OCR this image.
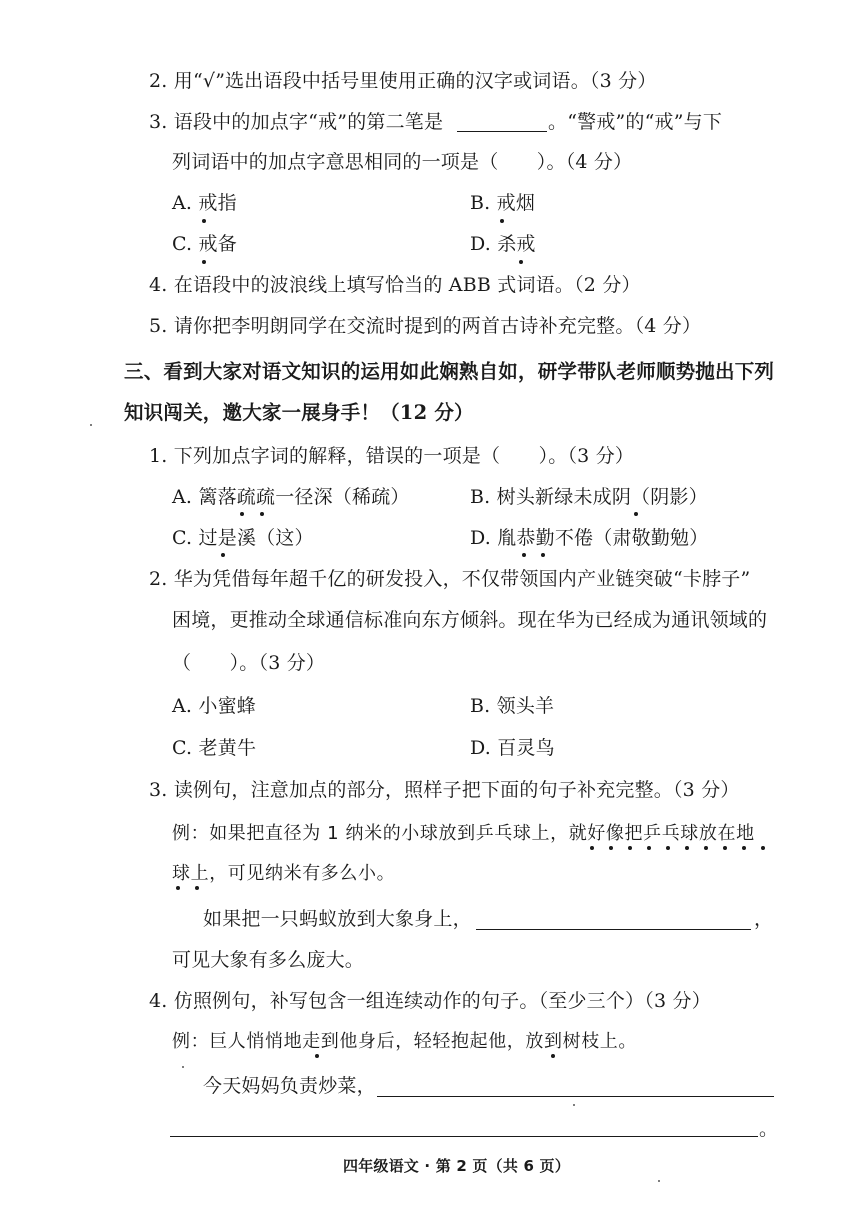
2. 用“√”选出语段中括号里使用正确的汉字或词语。（3 分）
3. 语段中的加点字“戒”的第二笔是	。“警戒”的“戒”与下
列词语中的加点字意思相同的一项是（　　）。（4 分）
A. 戒指	B. 戒烟
C. 戒备	D. 杀戒
4. 在语段中的波浪线上填写恰当的 ABB 式词语。（2 分）
5. 请你把李明朗同学在交流时提到的两首古诗补充完整。（4 分）
三、看到大家对语文知识的运用如此娴熟自如，研学带队老师顺势抛出下列
知识闯关，邀大家一展身手！（12 分）
1. 下列加点字词的解释，错误的一项是（　　）。（3 分）
A. 篱落疏疏一径深（稀疏）	B. 树头新绿未成阴（阴影）
C. 过是溪（这）	D. 胤恭勤不倦（肃敬勤勉）
2. 华为凭借每年超千亿的研发投入，不仅带领国内产业链突破“卡脖子”
困境，更推动全球通信标准向东方倾斜。现在华为已经成为通讯领域的
（　　）。（3 分）
A. 小蜜蜂	B. 领头羊
C. 老黄牛	D. 百灵鸟
3. 读例句，注意加点的部分，照样子把下面的句子补充完整。（3 分）
例：如果把直径为 1 纳米的小球放到乒乓球上，就好像把乒乓球放在地
球上，可见纳米有多么小。
如果把一只蚂蚁放到大象身上，	，
可见大象有多么庞大。
4. 仿照例句，补写包含一组连续动作的句子。（至少三个）（3 分）
例：巨人悄悄地走到他身后，轻轻抱起他，放到树枝上。
今天妈妈负责炒菜，
。
四年级语文 · 第 2 页（共 6 页）
